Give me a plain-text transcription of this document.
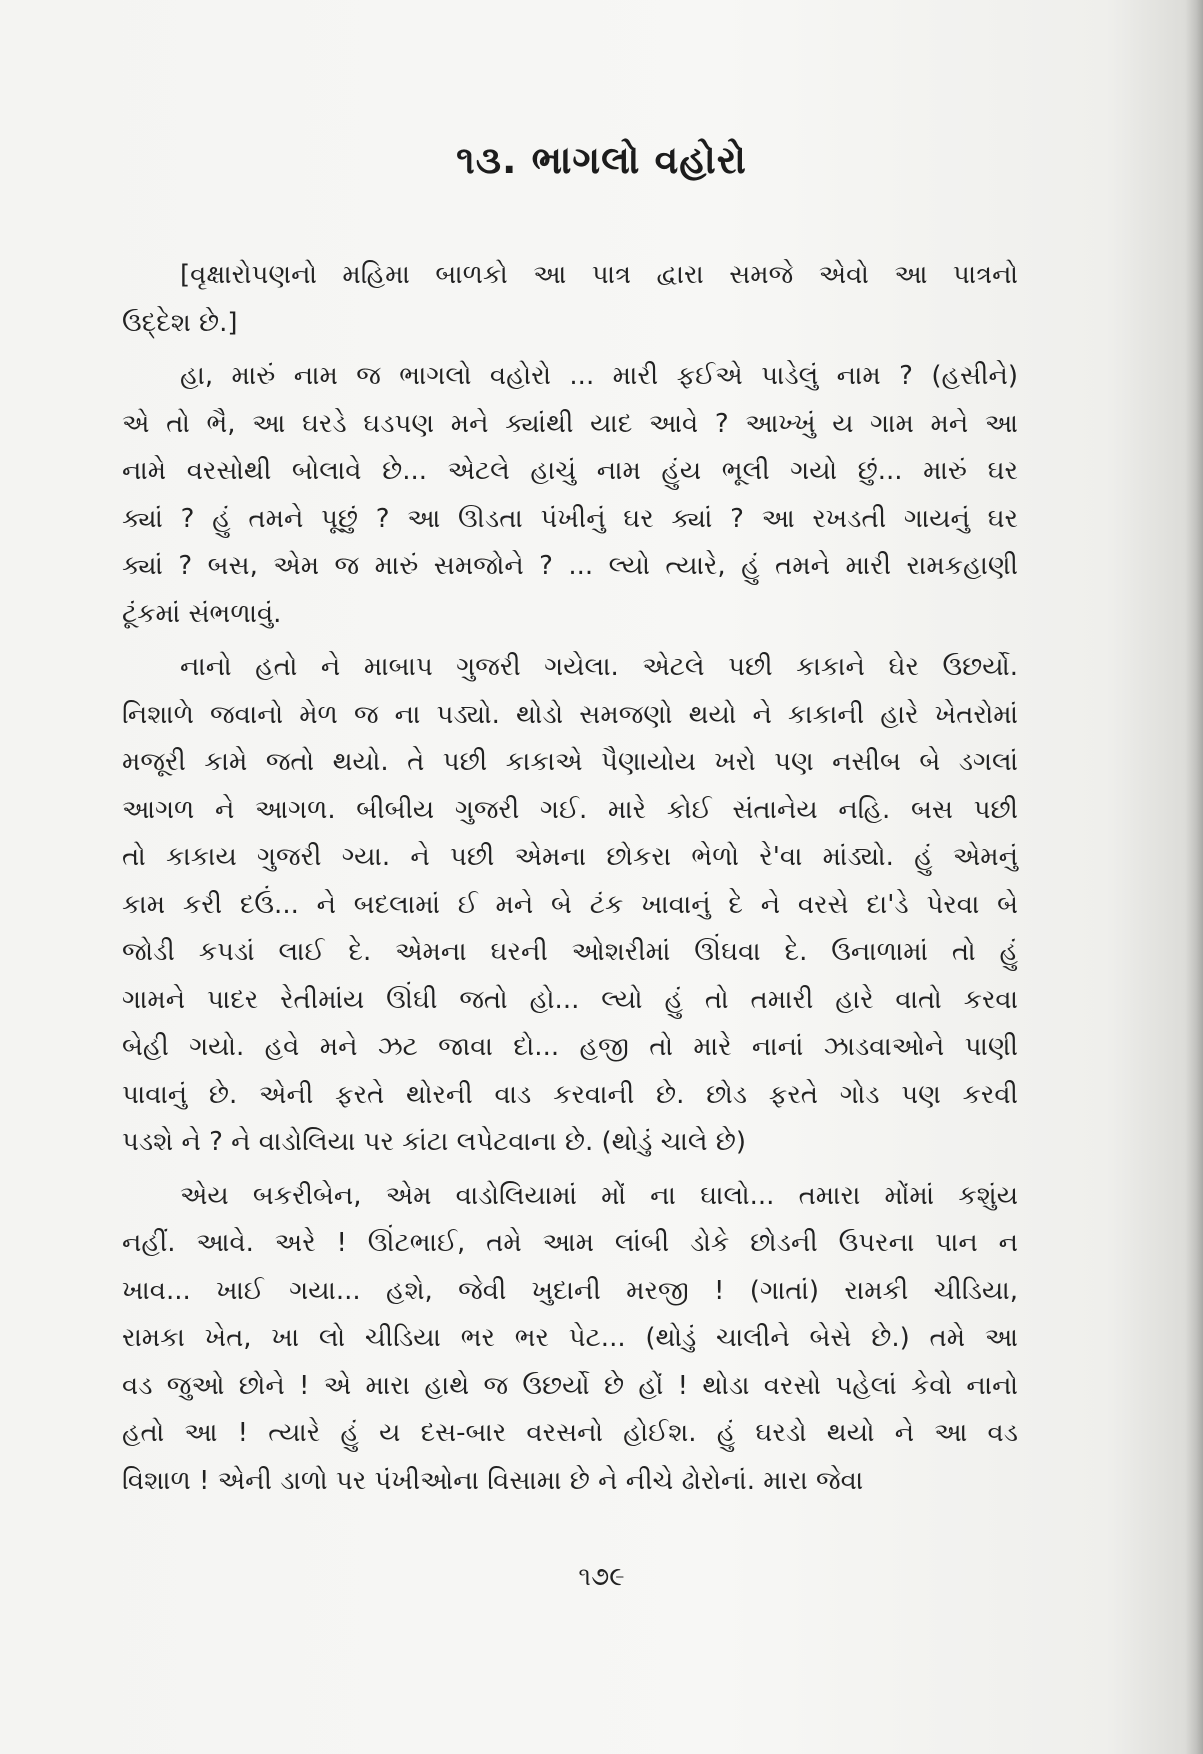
૧૩. ભાગલો વહોરો
[વૃક્ષારોપણનો મહિમા બાળકો આ પાત્ર દ્વારા સમજે એવો આ પાત્રનો
ઉદ્દેશ છે.]
હા, મારું નામ જ ભાગલો વહોરો ... મારી ફઈએ પાડેલું નામ ? (હસીને)
એ તો ભૈ, આ ઘરડે ઘડપણ મને ક્યાંથી યાદ આવે ? આખ્ખું ય ગામ મને આ
નામે વરસોથી બોલાવે છે... એટલે હાચું નામ હુંય ભૂલી ગયો છું... મારું ઘર
ક્યાં ? હું તમને પૂછું ? આ ઊડતા પંખીનું ઘર ક્યાં ? આ રખડતી ગાયનું ઘર
ક્યાં ? બસ, એમ જ મારું સમજોને ? ... લ્યો ત્યારે, હું તમને મારી રામકહાણી
ટૂંકમાં સંભળાવું.
નાનો હતો ને માબાપ ગુજરી ગયેલા. એટલે પછી કાકાને ઘેર ઉછર્યો.
નિશાળે જવાનો મેળ જ ના પડ્યો. થોડો સમજણો થયો ને કાકાની હારે ખેતરોમાં
મજૂરી કામે જતો થયો. તે પછી કાકાએ પૈણાયોય ખરો પણ નસીબ બે ડગલાં
આગળ ને આગળ. બીબીય ગુજરી ગઈ. મારે કોઈ સંતાનેય નહિ. બસ પછી
તો કાકાય ગુજરી ગ્યા. ને પછી એમના છોકરા ભેળો રે'વા માંડ્યો. હું એમનું
કામ કરી દઉં... ને બદલામાં ઈ મને બે ટંક ખાવાનું દે ને વરસે દા'ડે પેરવા બે
જોડી કપડાં લાઈ દે. એમના ઘરની ઓશરીમાં ઊંઘવા દે. ઉનાળામાં તો હું
ગામને પાદર રેતીમાંય ઊંઘી જતો હો... લ્યો હું તો તમારી હારે વાતો કરવા
બેહી ગયો. હવે મને ઝટ જાવા દો... હજી તો મારે નાનાં ઝાડવાઓને પાણી
પાવાનું છે. એની ફરતે થોરની વાડ કરવાની છે. છોડ ફરતે ગોડ પણ કરવી
પડશે ને ? ને વાડોલિયા પર કાંટા લપેટવાના છે. (થોડું ચાલે છે)
એય બકરીબેન, એમ વાડોલિયામાં મોં ના ઘાલો... તમારા મોંમાં કશુંય
નહીં. આવે. અરે ! ઊંટભાઈ, તમે આમ લાંબી ડોકે છોડની ઉપરના પાન ન
ખાવ... ખાઈ ગયા... હશે, જેવી ખુદાની મરજી ! (ગાતાં) રામકી ચીડિયા,
રામકા ખેત, ખા લો ચીડિયા ભર ભર પેટ... (થોડું ચાલીને બેસે છે.) તમે આ
વડ જુઓ છોને ! એ મારા હાથે જ ઉછર્યો છે હોં ! થોડા વરસો પહેલાં કેવો નાનો
હતો આ ! ત્યારે હું ય દસ-બાર વરસનો હોઈશ. હું ઘરડો થયો ને આ વડ
વિશાળ ! એની ડાળો પર પંખીઓના વિસામા છે ને નીચે ઢોરોનાં. મારા જેવા
૧૭૯
